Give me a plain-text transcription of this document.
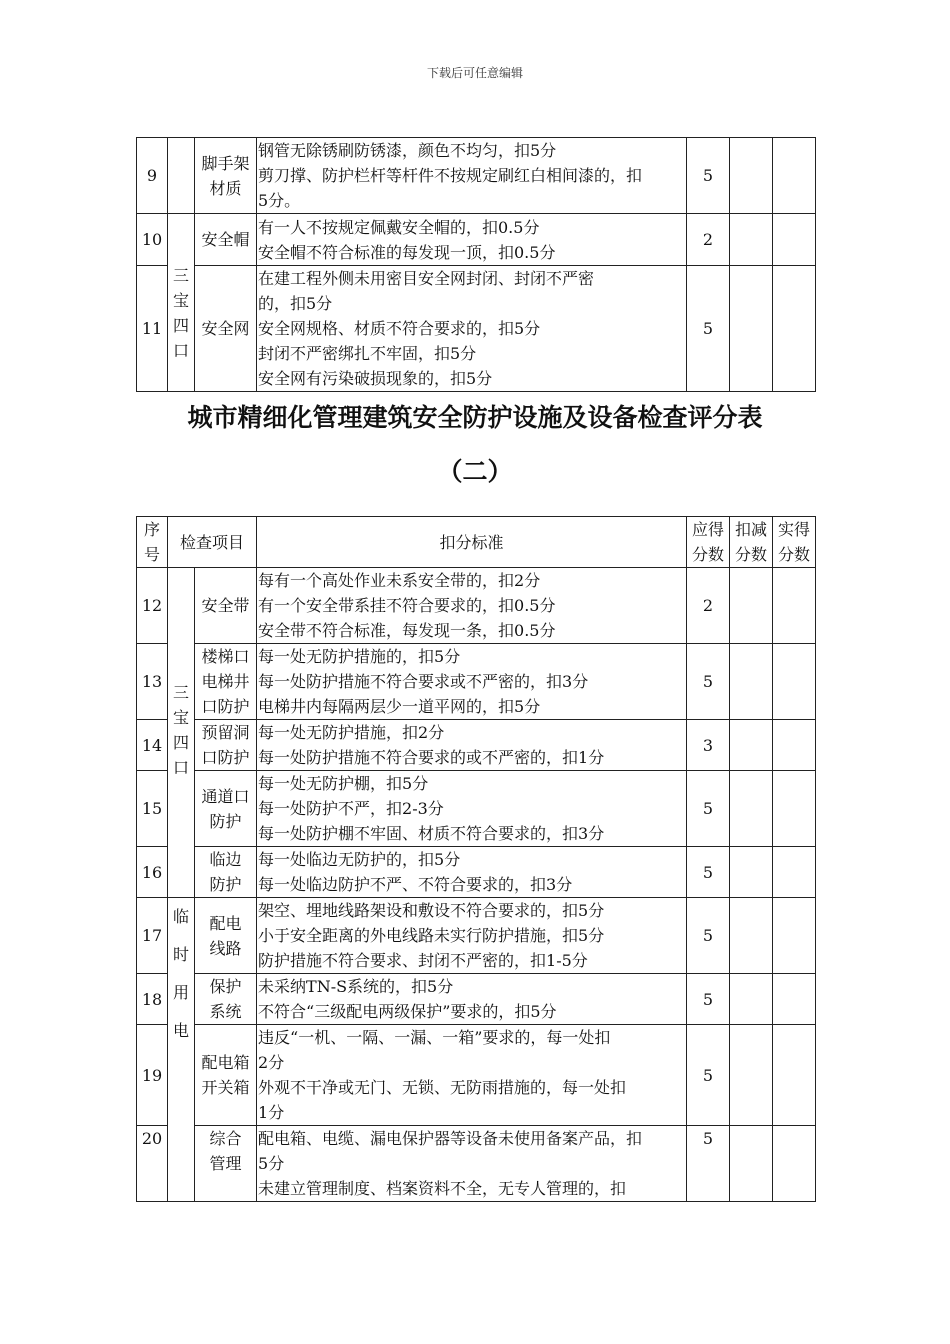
下载后可任意编辑
9		脚手架材质	钢管无除锈刷防锈漆，颜色不均匀，扣5分
剪刀撑、防护栏杆等杆件不按规定刷红白相间漆的，扣
5分。	5		
10	三
宝
四
口	安全帽	有一人不按规定佩戴安全帽的，扣0.5分
安全帽不符合标准的每发现一顶，扣0.5分	2		
11		安全网	在建工程外侧未用密目安全网封闭、封闭不严密
的，扣5分
安全网规格、材质不符合要求的，扣5分
封闭不严密绑扎不牢固，扣5分
安全网有污染破损现象的，扣5分	5		
城市精细化管理建筑安全防护设施及设备检查评分表
（二）
序
号	检查项目		扣分标准	应得
分数	扣减
分数	实得
分数

12	三
宝
四
口	安全带	每有一个高处作业未系安全带的，扣2分
有一个安全带系挂不符合要求的，扣0.5分
安全带不符合标准，每发现一条，扣0.5分	2		
13		楼梯口
电梯井
口防护	每一处无防护措施的，扣5分
每一处防护措施不符合要求或不严密的，扣3分
电梯井内每隔两层少一道平网的，扣5分	5		
14		预留洞
口防护	每一处无防护措施，扣2分
每一处防护措施不符合要求的或不严密的，扣1分	3		
15		通道口
防护	每一处无防护棚，扣5分
每一处防护不严，扣2-3分
每一处防护棚不牢固、材质不符合要求的，扣3分	5		
16		临边
防护	每一处临边无防护的，扣5分
每一处临边防护不严、不符合要求的，扣3分	5		
17	临
时
用
电	配电
线路	架空、埋地线路架设和敷设不符合要求的，扣5分
小于安全距离的外电线路未实行防护措施，扣5分
防护措施不符合要求、封闭不严密的，扣1-5分	5		
18		保护
系统	未采纳TN-S系统的，扣5分
不符合“三级配电两级保护”要求的，扣5分	5		
19		配电箱
开关箱	违反“一机、一隔、一漏、一箱”要求的，每一处扣
2分
外观不干净或无门、无锁、无防雨措施的，每一处扣
1分	5		
20		综合
管理	配电箱、电缆、漏电保护器等设备未使用备案产品，扣
5分
未建立管理制度、档案资料不全，无专人管理的，扣	5		
